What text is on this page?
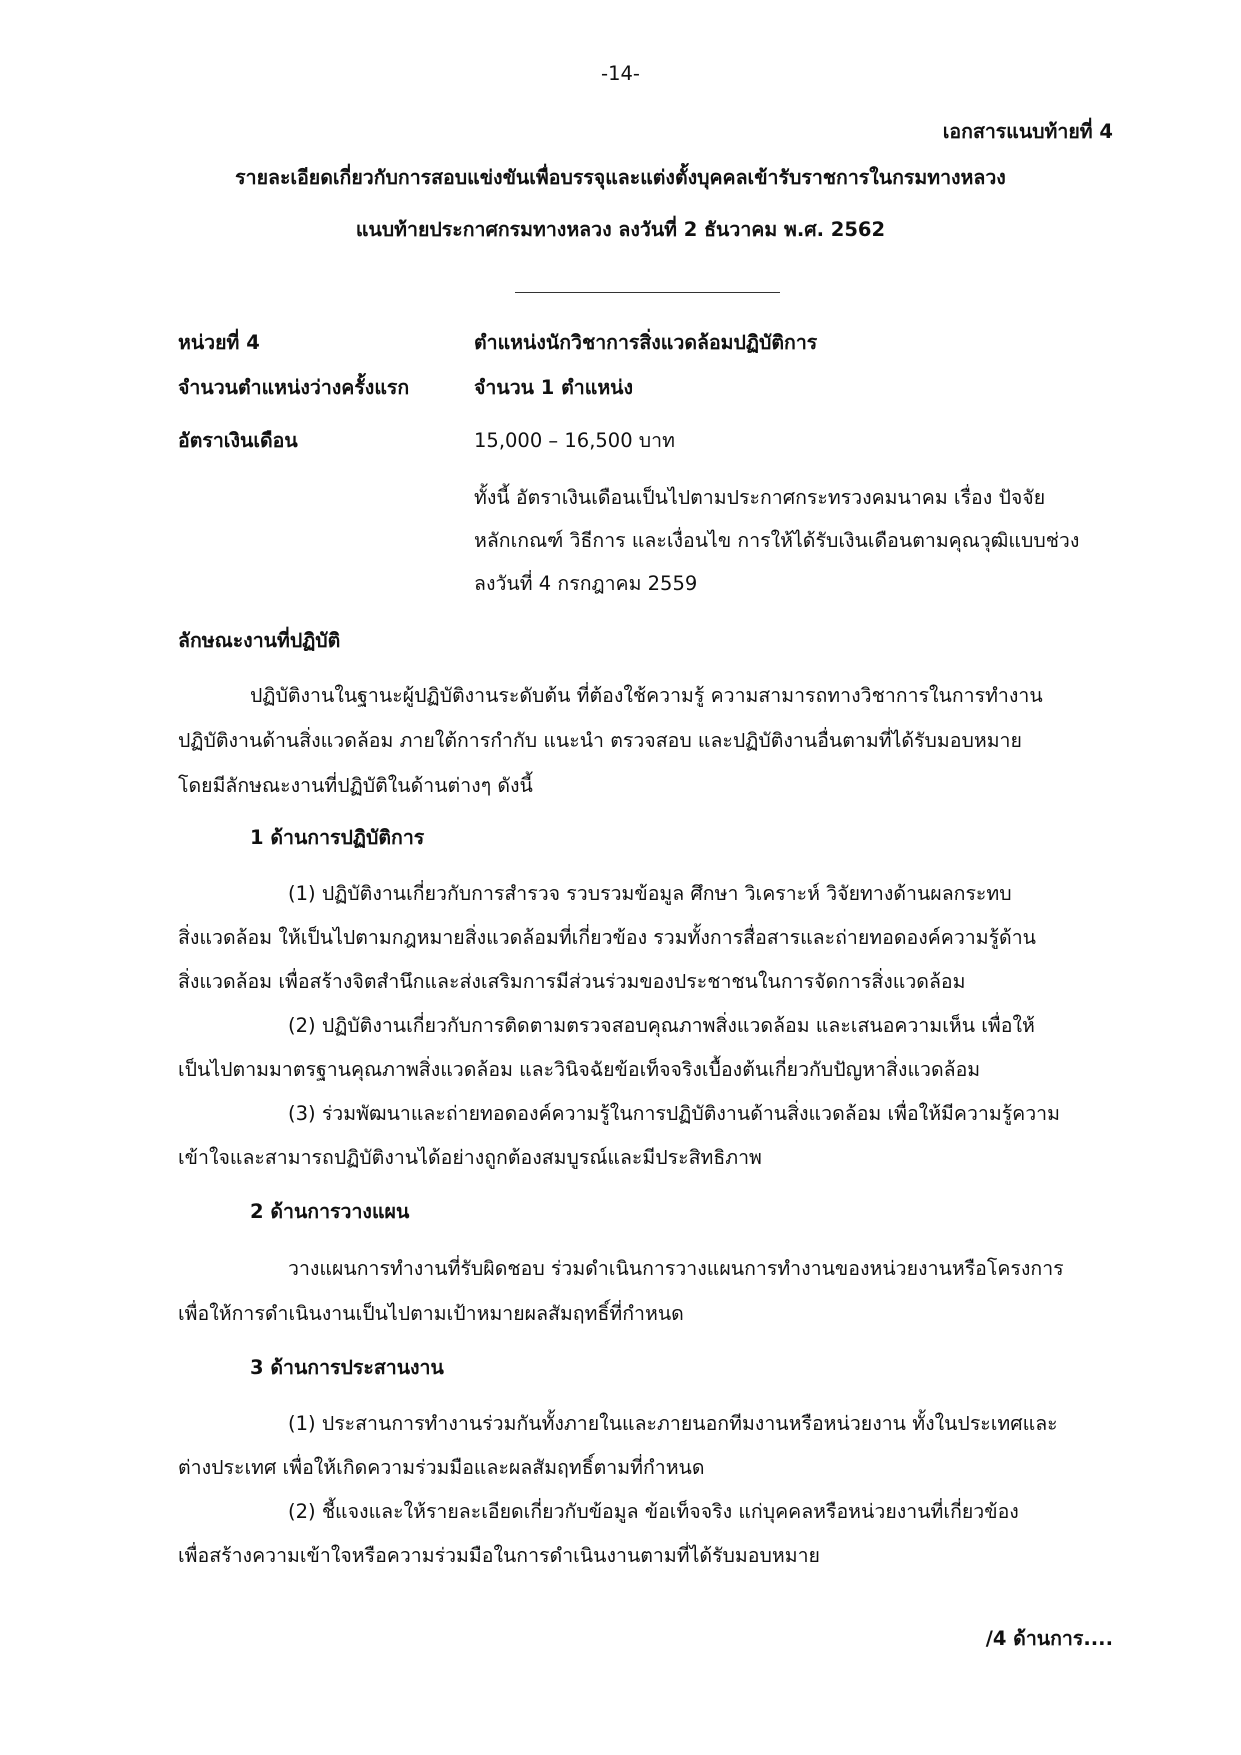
-14-
เอกสารแนบท้ายที่ 4
รายละเอียดเกี่ยวกับการสอบแข่งขันเพื่อบรรจุและแต่งตั้งบุคคลเข้ารับราชการในกรมทางหลวง
แนบท้ายประกาศกรมทางหลวง ลงวันที่ 2 ธันวาคม พ.ศ. 2562
หน่วยที่ 4	ตำแหน่งนักวิชาการสิ่งแวดล้อมปฏิบัติการ
จำนวนตำแหน่งว่างครั้งแรก	จำนวน 1 ตำแหน่ง
อัตราเงินเดือน	15,000 – 16,500 บาท
ทั้งนี้ อัตราเงินเดือนเป็นไปตามประกาศกระทรวงคมนาคม เรื่อง ปัจจัย
หลักเกณฑ์ วิธีการ และเงื่อนไข การให้ได้รับเงินเดือนตามคุณวุฒิแบบช่วง
ลงวันที่ 4 กรกฎาคม 2559
ลักษณะงานที่ปฏิบัติ
ปฏิบัติงานในฐานะผู้ปฏิบัติงานระดับต้น ที่ต้องใช้ความรู้ ความสามารถทางวิชาการในการทำงาน
ปฏิบัติงานด้านสิ่งแวดล้อม ภายใต้การกำกับ แนะนำ ตรวจสอบ และปฏิบัติงานอื่นตามที่ได้รับมอบหมาย
โดยมีลักษณะงานที่ปฏิบัติในด้านต่างๆ ดังนี้
1 ด้านการปฏิบัติการ
(1) ปฏิบัติงานเกี่ยวกับการสำรวจ รวบรวมข้อมูล ศึกษา วิเคราะห์ วิจัยทางด้านผลกระทบ
สิ่งแวดล้อม ให้เป็นไปตามกฎหมายสิ่งแวดล้อมที่เกี่ยวข้อง รวมทั้งการสื่อสารและถ่ายทอดองค์ความรู้ด้าน
สิ่งแวดล้อม เพื่อสร้างจิตสำนึกและส่งเสริมการมีส่วนร่วมของประชาชนในการจัดการสิ่งแวดล้อม
(2) ปฏิบัติงานเกี่ยวกับการติดตามตรวจสอบคุณภาพสิ่งแวดล้อม และเสนอความเห็น เพื่อให้
เป็นไปตามมาตรฐานคุณภาพสิ่งแวดล้อม และวินิจฉัยข้อเท็จจริงเบื้องต้นเกี่ยวกับปัญหาสิ่งแวดล้อม
(3) ร่วมพัฒนาและถ่ายทอดองค์ความรู้ในการปฏิบัติงานด้านสิ่งแวดล้อม เพื่อให้มีความรู้ความ
เข้าใจและสามารถปฏิบัติงานได้อย่างถูกต้องสมบูรณ์และมีประสิทธิภาพ
2 ด้านการวางแผน
วางแผนการทำงานที่รับผิดชอบ ร่วมดำเนินการวางแผนการทำงานของหน่วยงานหรือโครงการ
เพื่อให้การดำเนินงานเป็นไปตามเป้าหมายผลสัมฤทธิ์ที่กำหนด
3 ด้านการประสานงาน
(1) ประสานการทำงานร่วมกันทั้งภายในและภายนอกทีมงานหรือหน่วยงาน ทั้งในประเทศและ
ต่างประเทศ เพื่อให้เกิดความร่วมมือและผลสัมฤทธิ์ตามที่กำหนด
(2) ชี้แจงและให้รายละเอียดเกี่ยวกับข้อมูล ข้อเท็จจริง แก่บุคคลหรือหน่วยงานที่เกี่ยวข้อง
เพื่อสร้างความเข้าใจหรือความร่วมมือในการดำเนินงานตามที่ได้รับมอบหมาย
/4 ด้านการ....
